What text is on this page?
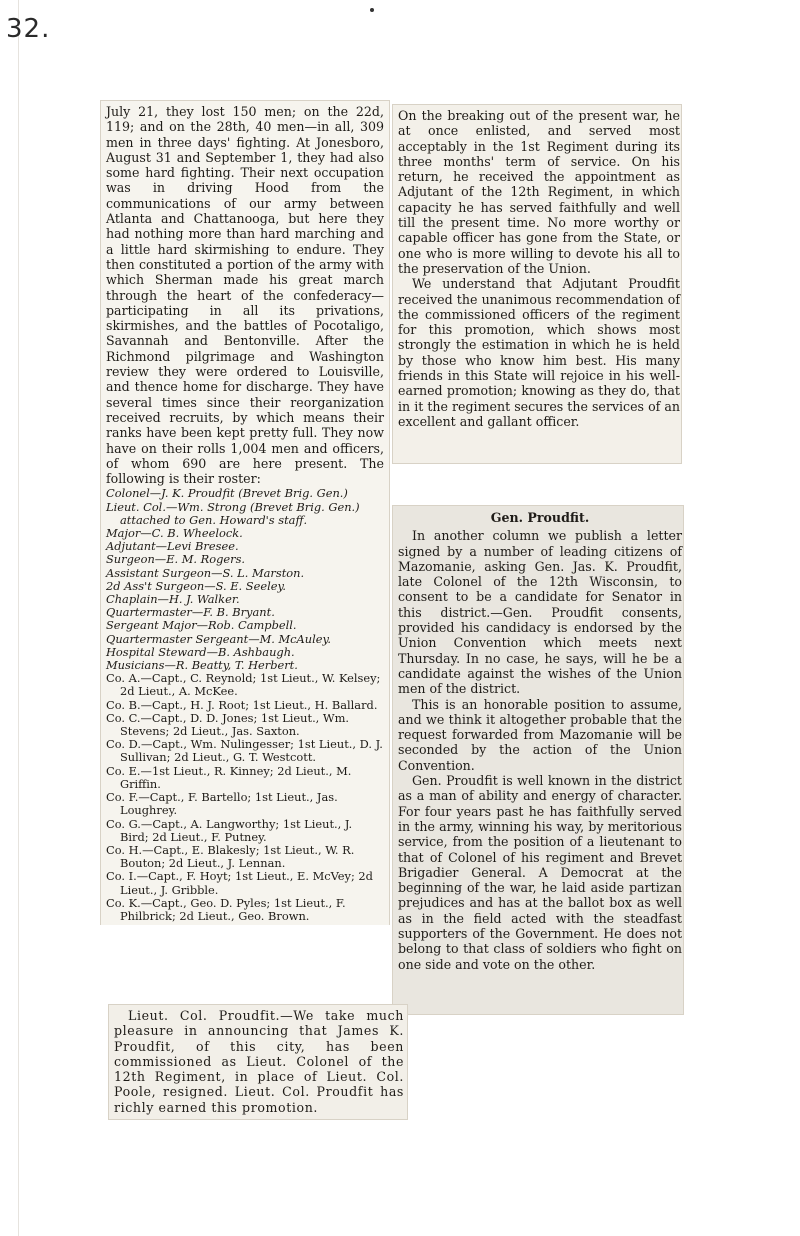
32.

July 21, they lost 150 men; on the 22d, 119; and on the 28th, 40 men—in all, 309 men in three days' fighting. At Jonesboro, August 31 and September 1, they had also some hard fighting. Their next occupation was in driving Hood from the communications of our army between Atlanta and Chattanooga, but here they had nothing more than hard marching and a little hard skirmishing to endure. They then constituted a portion of the army with which Sherman made his great march through the heart of the confederacy—participating in all its privations, skirmishes, and the battles of Pocotaligo, Savannah and Bentonville. After the Richmond pilgrimage and Washington review they were ordered to Louisville, and thence home for discharge. They have several times since their reorganization received recruits, by which means their ranks have been kept pretty full. They now have on their rolls 1,004 men and officers, of whom 690 are here present. The following is their roster:

Colonel—J. K. Proudfit (Brevet Brig. Gen.)
Lieut. Col.—Wm. Strong (Brevet Brig. Gen.) attached to Gen. Howard's staff.
Major—C. B. Wheelock.
Adjutant—Levi Bresee.
Surgeon—E. M. Rogers.
Assistant Surgeon—S. L. Marston.
2d Ass't Surgeon—S. E. Seeley.
Chaplain—H. J. Walker.
Quartermaster—F. B. Bryant.
Sergeant Major—Rob. Campbell.
Quartermaster Sergeant—M. McAuley.
Hospital Steward—B. Ashbaugh.
Musicians—R. Beatty, T. Herbert.
Co. A.—Capt., C. Reynold; 1st Lieut., W. Kelsey; 2d Lieut., A. McKee.
Co. B.—Capt., H. J. Root; 1st Lieut., H. Ballard.
Co. C.—Capt., D. D. Jones; 1st Lieut., Wm. Stevens; 2d Lieut., Jas. Saxton.
Co. D.—Capt., Wm. Nulingesser; 1st Lieut., D. J. Sullivan; 2d Lieut., G. T. Westcott.
Co. E.—1st Lieut., R. Kinney; 2d Lieut., M. Griffin.
Co. F.—Capt., F. Bartello; 1st Lieut., Jas. Loughrey.
Co. G.—Capt., A. Langworthy; 1st Lieut., J. Bird; 2d Lieut., F. Putney.
Co. H.—Capt., E. Blakesly; 1st Lieut., W. R. Bouton; 2d Lieut., J. Lennan.
Co. I.—Capt., F. Hoyt; 1st Lieut., E. McVey; 2d Lieut., J. Gribble.
Co. K.—Capt., Geo. D. Pyles; 1st Lieut., F. Philbrick; 2d Lieut., Geo. Brown.

On the breaking out of the present war, he at once enlisted, and served most acceptably in the 1st Regiment during its three months' term of service. On his return, he received the appointment as Adjutant of the 12th Regiment, in which capacity he has served faithfully and well till the present time. No more worthy or capable officer has gone from the State, or one who is more willing to devote his all to the preservation of the Union.

We understand that Adjutant Proudfit received the unanimous recommendation of the commissioned officers of the regiment for this promotion, which shows most strongly the estimation in which he is held by those who know him best. His many friends in this State will rejoice in his well-earned promotion; knowing as they do, that in it the regiment secures the services of an excellent and gallant officer.

Gen. Proudfit.

In another column we publish a letter signed by a number of leading citizens of Mazomanie, asking Gen. Jas. K. Proudfit, late Colonel of the 12th Wisconsin, to consent to be a candidate for Senator in this district.—Gen. Proudfit consents, provided his candidacy is endorsed by the Union Convention which meets next Thursday. In no case, he says, will he be a candidate against the wishes of the Union men of the district.

This is an honorable position to assume, and we think it altogether probable that the request forwarded from Mazomanie will be seconded by the action of the Union Convention.

Gen. Proudfit is well known in the district as a man of ability and energy of character. For four years past he has faithfully served in the army, winning his way, by meritorious service, from the position of a lieutenant to that of Colonel of his regiment and Brevet Brigadier General. A Democrat at the beginning of the war, he laid aside partizan prejudices and has at the ballot box as well as in the field acted with the steadfast supporters of the Government. He does not belong to that class of soldiers who fight on one side and vote on the other.

Lieut. Col. Proudfit.—We take much pleasure in announcing that James K. Proudfit, of this city, has been commissioned as Lieut. Colonel of the 12th Regiment, in place of Lieut. Col. Poole, resigned. Lieut. Col. Proudfit has richly earned this promotion.
